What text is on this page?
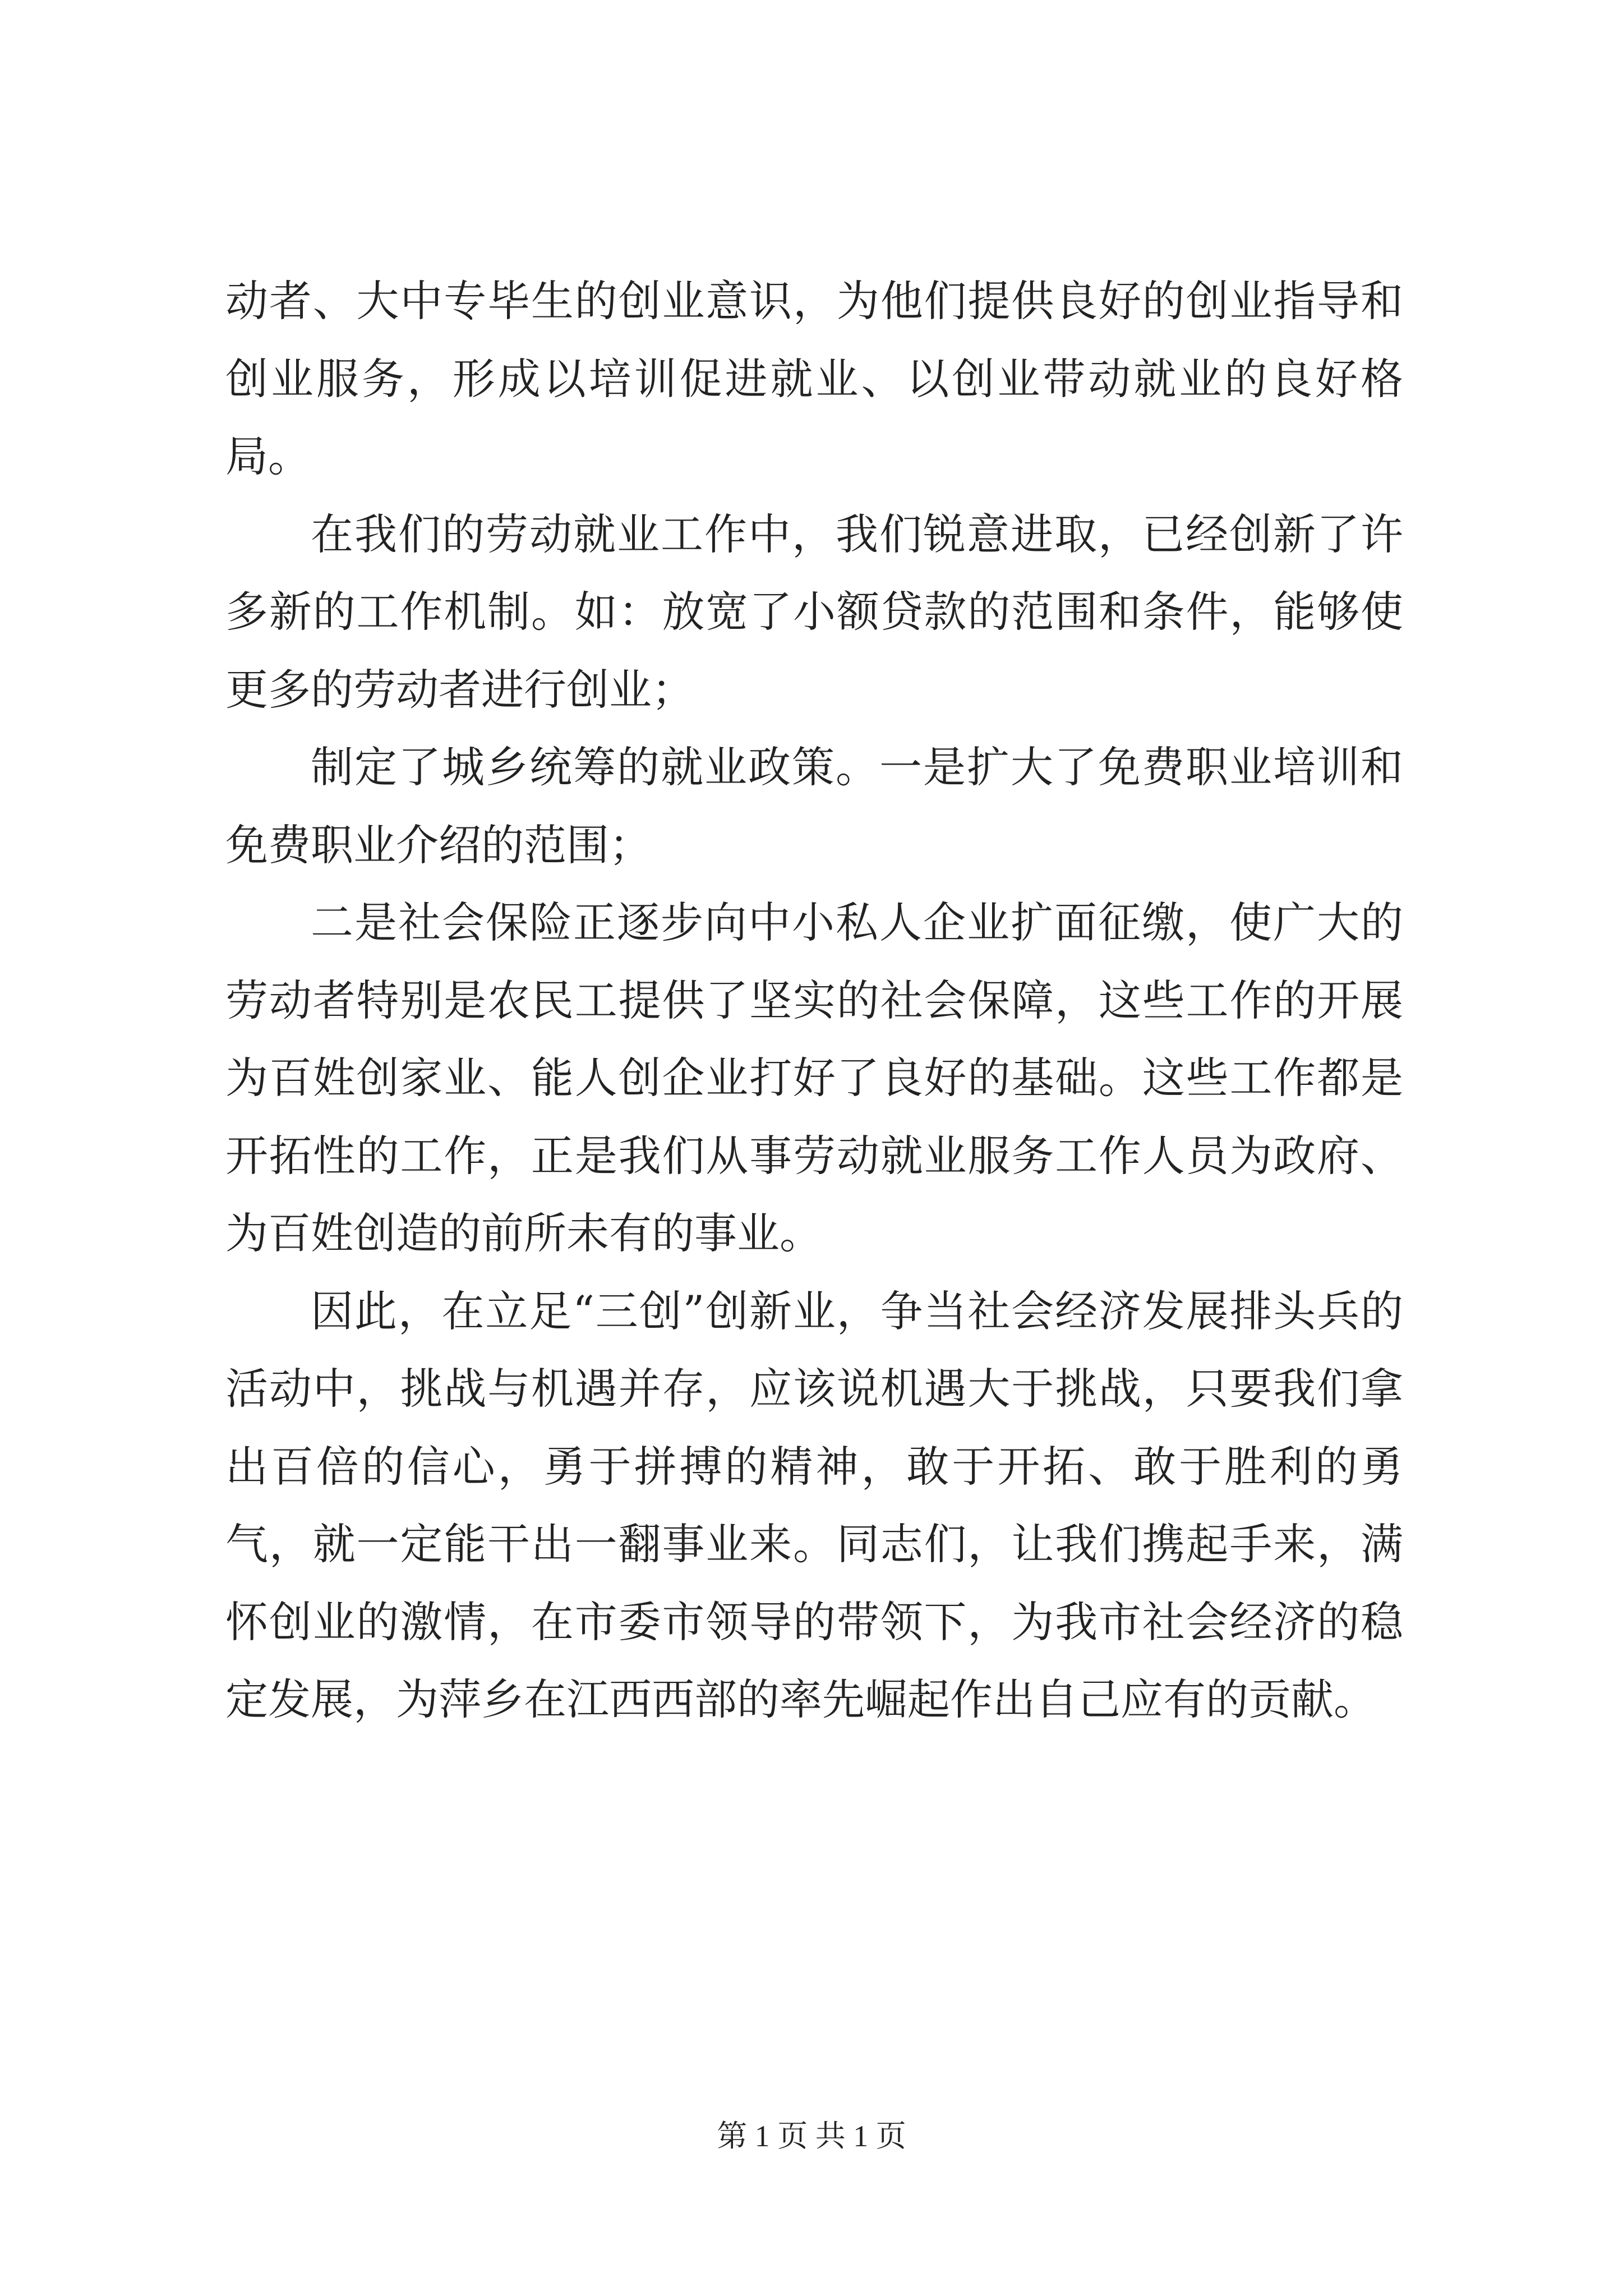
动者、大中专毕生的创业意识，为他们提供良好的创业指导和创业服务，形成以培训促进就业、以创业带动就业的良好格局。

在我们的劳动就业工作中，我们锐意进取，已经创新了许多新的工作机制。如：放宽了小额贷款的范围和条件，能够使更多的劳动者进行创业；

制定了城乡统筹的就业政策。一是扩大了免费职业培训和免费职业介绍的范围；

二是社会保险正逐步向中小私人企业扩面征缴，使广大的劳动者特别是农民工提供了坚实的社会保障，这些工作的开展为百姓创家业、能人创企业打好了良好的基础。这些工作都是开拓性的工作，正是我们从事劳动就业服务工作人员为政府、为百姓创造的前所未有的事业。

因此，在立足“三创”创新业，争当社会经济发展排头兵的活动中，挑战与机遇并存，应该说机遇大于挑战，只要我们拿出百倍的信心，勇于拼搏的精神，敢于开拓、敢于胜利的勇气，就一定能干出一翻事业来。同志们，让我们携起手来，满怀创业的激情，在市委市领导的带领下，为我市社会经济的稳定发展，为萍乡在江西西部的率先崛起作出自己应有的贡献。

第 1 页 共 1 页
